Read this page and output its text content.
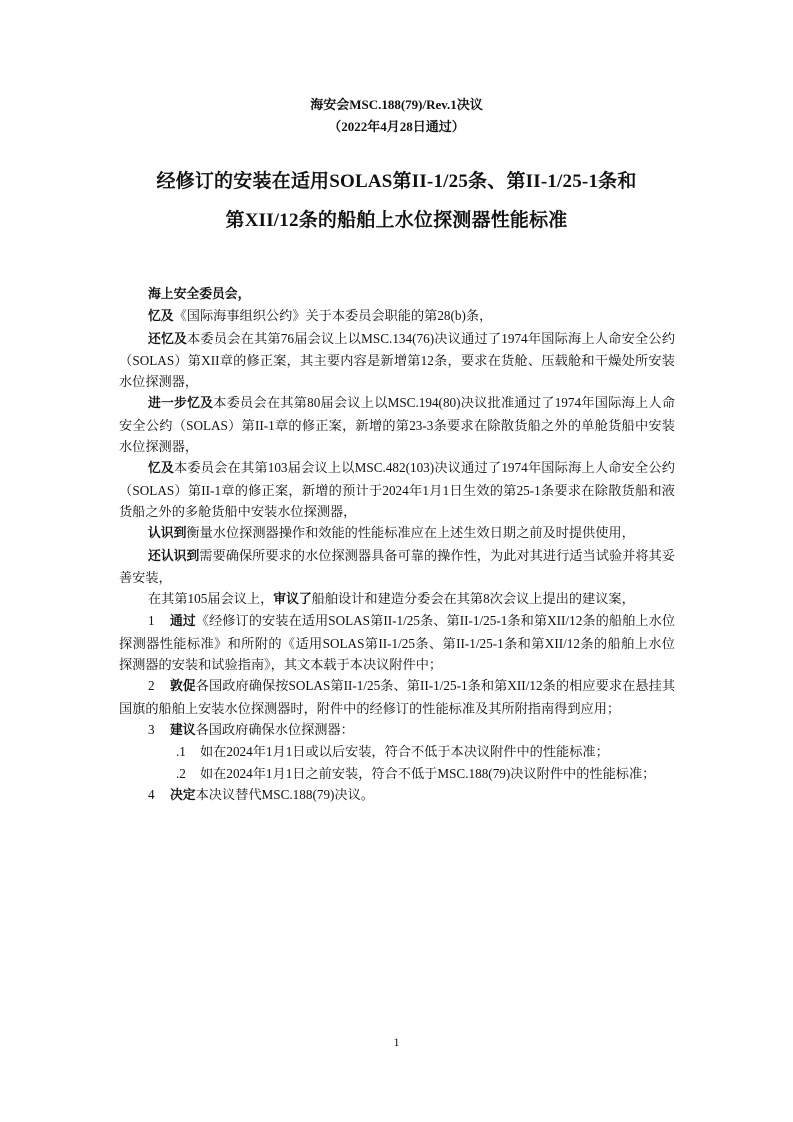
海安会MSC.188(79)/Rev.1决议
（2022年4月28日通过）
经修订的安装在适用SOLAS第II-1/25条、第II-1/25-1条和
第XII/12条的船舶上水位探测器性能标准

海上安全委员会，

忆及《国际海事组织公约》关于本委员会职能的第28(b)条，

还忆及本委员会在其第76届会议上以MSC.134(76)决议通过了1974年国际海上人命安全公约（SOLAS）第XII章的修正案，其主要内容是新增第12条，要求在货舱、压载舱和干燥处所安装水位探测器，

进一步忆及本委员会在其第80届会议上以MSC.194(80)决议批准通过了1974年国际海上人命安全公约（SOLAS）第II-1章的修正案，新增的第23-3条要求在除散货船之外的单舱货船中安装水位探测器，

忆及本委员会在其第103届会议上以MSC.482(103)决议通过了1974年国际海上人命安全公约（SOLAS）第II-1章的修正案，新增的预计于2024年1月1日生效的第25-1条要求在除散货船和液货船之外的多舱货船中安装水位探测器，

认识到衡量水位探测器操作和效能的性能标准应在上述生效日期之前及时提供使用，

还认识到需要确保所要求的水位探测器具备可靠的操作性，为此对其进行适当试验并将其妥善安装，

在其第105届会议上，审议了船舶设计和建造分委会在其第8次会议上提出的建议案，

1 通过《经修订的安装在适用SOLAS第II-1/25条、第II-1/25-1条和第XII/12条的船舶上水位探测器性能标准》和所附的《适用SOLAS第II-1/25条、第II-1/25-1条和第XII/12条的船舶上水位探测器的安装和试验指南》，其文本载于本决议附件中；

2 敦促各国政府确保按SOLAS第II-1/25条、第II-1/25-1条和第XII/12条的相应要求在悬挂其国旗的船舶上安装水位探测器时，附件中的经修订的性能标准及其所附指南得到应用；

3 建议各国政府确保水位探测器：

.1 如在2024年1月1日或以后安装，符合不低于本决议附件中的性能标准；

.2 如在2024年1月1日之前安装，符合不低于MSC.188(79)决议附件中的性能标准；

4 决定本决议替代MSC.188(79)决议。

1
